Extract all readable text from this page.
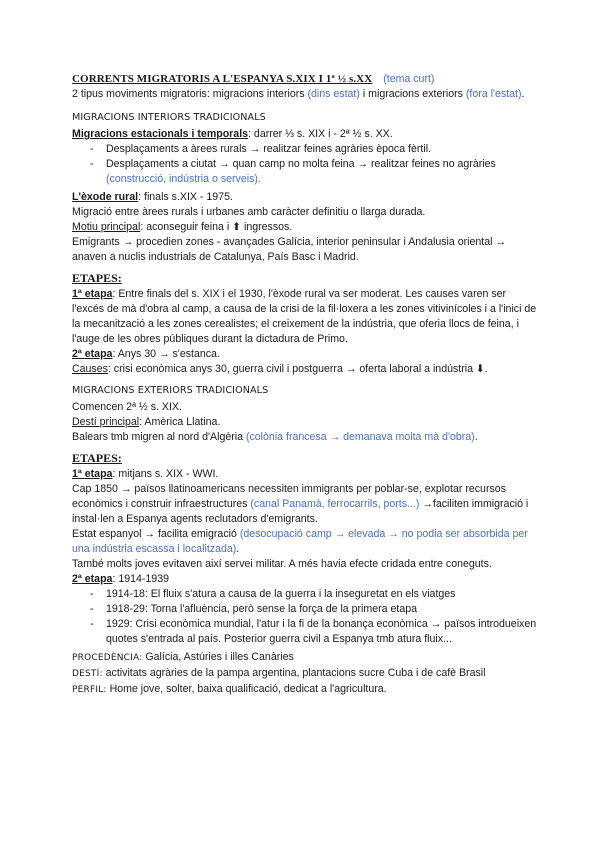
CORRENTS MIGRATORIS A L'ESPANYA S.XIX I 1ª ½ s.XX (tema curt)

2 tipus moviments migratoris: migracions interiors (dins estat) i migracions exteriors (fora l'estat).

MIGRACIONS INTERIORS TRADICIONALS

Migracions estacionals i temporals: darrer ⅓ s. XIX i - 2ª ½ s. XX.

- Desplaçaments a àrees rurals → realitzar feines agràries època fèrtil.
- Desplaçaments a ciutat → quan camp no molta feina → realitzar feines no agràries
(construcció, indústria o serveis).

L'èxode rural: finals s.XIX - 1975.

Migració entre àrees rurals i urbanes amb caràcter definitiu o llarga durada.

Motiu principal: aconseguir feina i ⬆ ingressos.

Emigrants → procedien zones - avançades Galícia, interior peninsular i Andalusia oriental → anaven a nuclis industrials de Catalunya, País Basc i Madrid.

ETAPES:

1ª etapa: Entre finals del s. XIX i el 1930, l'èxode rural va ser moderat. Les causes varen ser l'excés de mà d'obra al camp, a causa de la crisi de la fil·loxera a les zones vitivinícoles i a l'inici de la mecanització a les zones cerealistes; el creixement de la indústria, que oferia llocs de feina, i l'auge de les obres públiques durant la dictadura de Primo.

2ª etapa: Anys 30 → s'estanca.

Causes: crisi econòmica anys 30, guerra civil i postguerra → oferta laboral a indústria ⬇.

MIGRACIONS EXTERIORS TRADICIONALS

Comencen 2ª ½ s. XIX.

Destí principal: Amèrica Llatina.

Balears tmb migren al nord d'Algèria (colònia francesa → demanava molta mà d'obra).

ETAPES:

1ª etapa: mitjans s. XIX - WWI.

Cap 1850 → països llatinoamericans necessiten immigrants per poblar-se, explotar recursos econòmics i construir infraestructures (canal Panamà, ferrocarrils, ports...) →faciliten immigració i instal·len a Espanya agents reclutadors d'emigrants.

Estat espanyol → facilita emigració (desocupació camp → elevada → no podia ser absorbida per una indústria escassa i localitzada).

També molts joves evitaven així servei militar. A més havia efecte cridada entre coneguts.

2ª etapa: 1914-1939

- 1914-18: El fluix s'atura a causa de la guerra i la inseguretat en els viatges
- 1918-29: Torna l'afluència, però sense la força de la primera etapa
- 1929: Crisi econòmica mundial, l'atur i la fi de la bonança econòmica → països introdueixen quotes s'entrada al país. Posterior guerra civil a Espanya tmb atura fluix...

PROCEDÈNCIA: Galícia, Astúries i illes Canàries

DESTÍ: activitats agràries de la pampa argentina, plantacions sucre Cuba i de cafè Brasil

PERFIL: Home jove, solter, baixa qualificació, dedicat a l'agricultura.
